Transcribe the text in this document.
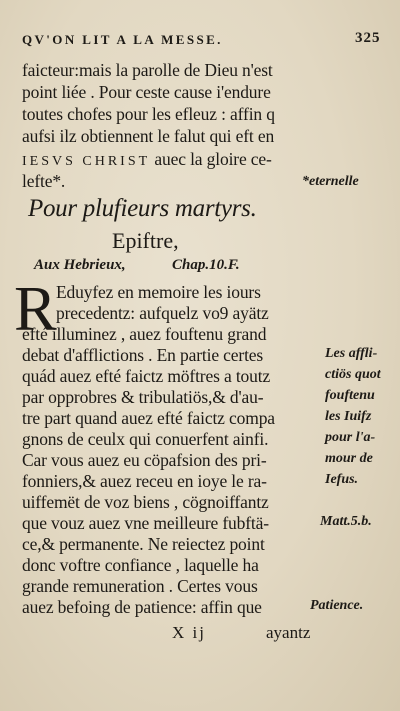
QV'ON LIT A LA MESSE.	325
faicteur:mais la parolle de Dieu n'est
point liée . Pour ceste cause i'endure
toutes chofes pour les efleuz : affin q
aufsi ilz obtiennent le falut qui eft en
IESVS CHRIST auec la gloire ce-
lefte*.	*eternelle
Pour plufieurs martyrs.
Epiftre,
Aux Hebrieux,	Chap.10.F.
R Eduyfez en memoire les iours
precedentz: aufquelz vo9 ayätz
efté illuminez , auez fouftenu grand
debat d'afflictions . En partie certes
quád auez efté faictz möftres a toutz
par opprobres & tribulatiös,& d'au-
tre part quand auez efté faictz compa
gnons de ceulx qui conuerfent ainfi.
Car vous auez eu cöpafsion des pri-
fonniers,& auez receu en ioye le ra-
uiffemët de voz biens , cögnoiffantz
que vouz auez vne meilleure fubftä-
ce,& permanente. Ne reiectez point
donc voftre confiance , laquelle ha
grande remuneration . Certes vous
auez befoing de patience: affin que
Les affli-
ctiös quot
fouftenu
les Iuifz
pour l'a-
mour de
Iefus.
Matt.5.b.
Patience.
X ij	ayantz
